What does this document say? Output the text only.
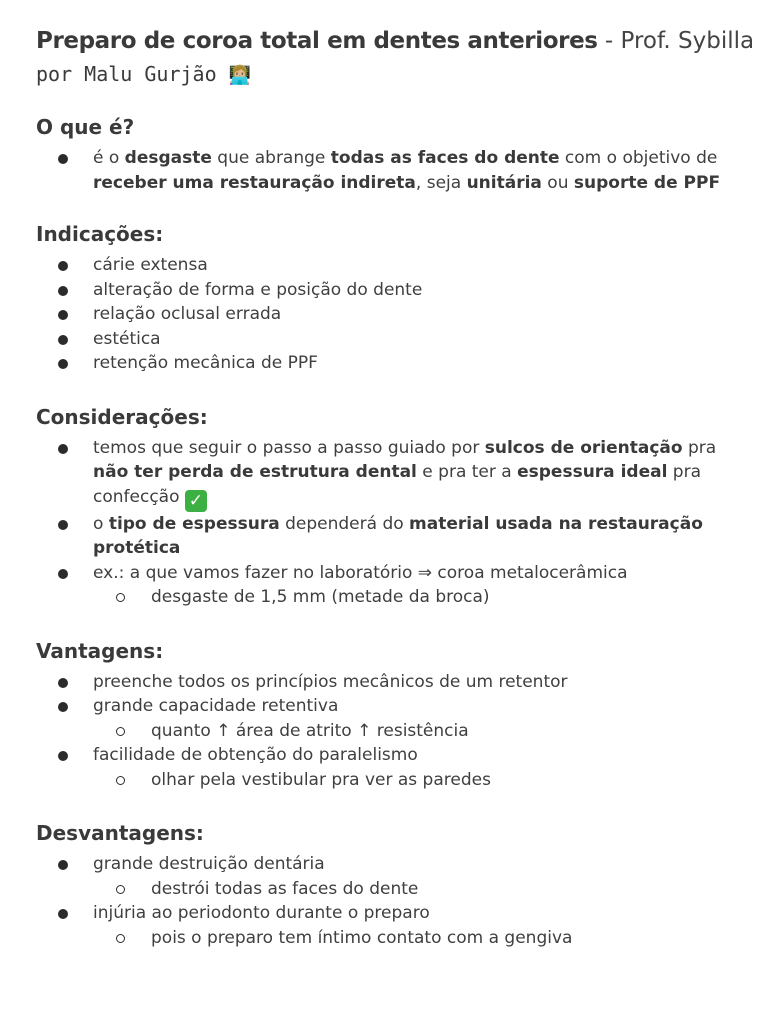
Preparo de coroa total em dentes anteriores - Prof. Sybilla

por Malu Gurjão 👩🏼‍💻

O que é?

é o desgaste que abrange todas as faces do dente com o objetivo de receber uma restauração indireta, seja unitária ou suporte de PPF

Indicações:

cárie extensa
alteração de forma e posição do dente
relação oclusal errada
estética
retenção mecânica de PPF

Considerações:

temos que seguir o passo a passo guiado por sulcos de orientação pra não ter perda de estrutura dental e pra ter a espessura ideal pra confecção ✓
o tipo de espessura dependerá do material usada na restauração protética
ex.: a que vamos fazer no laboratório ⇒ coroa metalocerâmica
desgaste de 1,5 mm (metade da broca)

Vantagens:

preenche todos os princípios mecânicos de um retentor
grande capacidade retentiva
quanto ↑ área de atrito ↑ resistência
facilidade de obtenção do paralelismo
olhar pela vestibular pra ver as paredes

Desvantagens:

grande destruição dentária
destrói todas as faces do dente
injúria ao periodonto durante o preparo
pois o preparo tem íntimo contato com a gengiva
